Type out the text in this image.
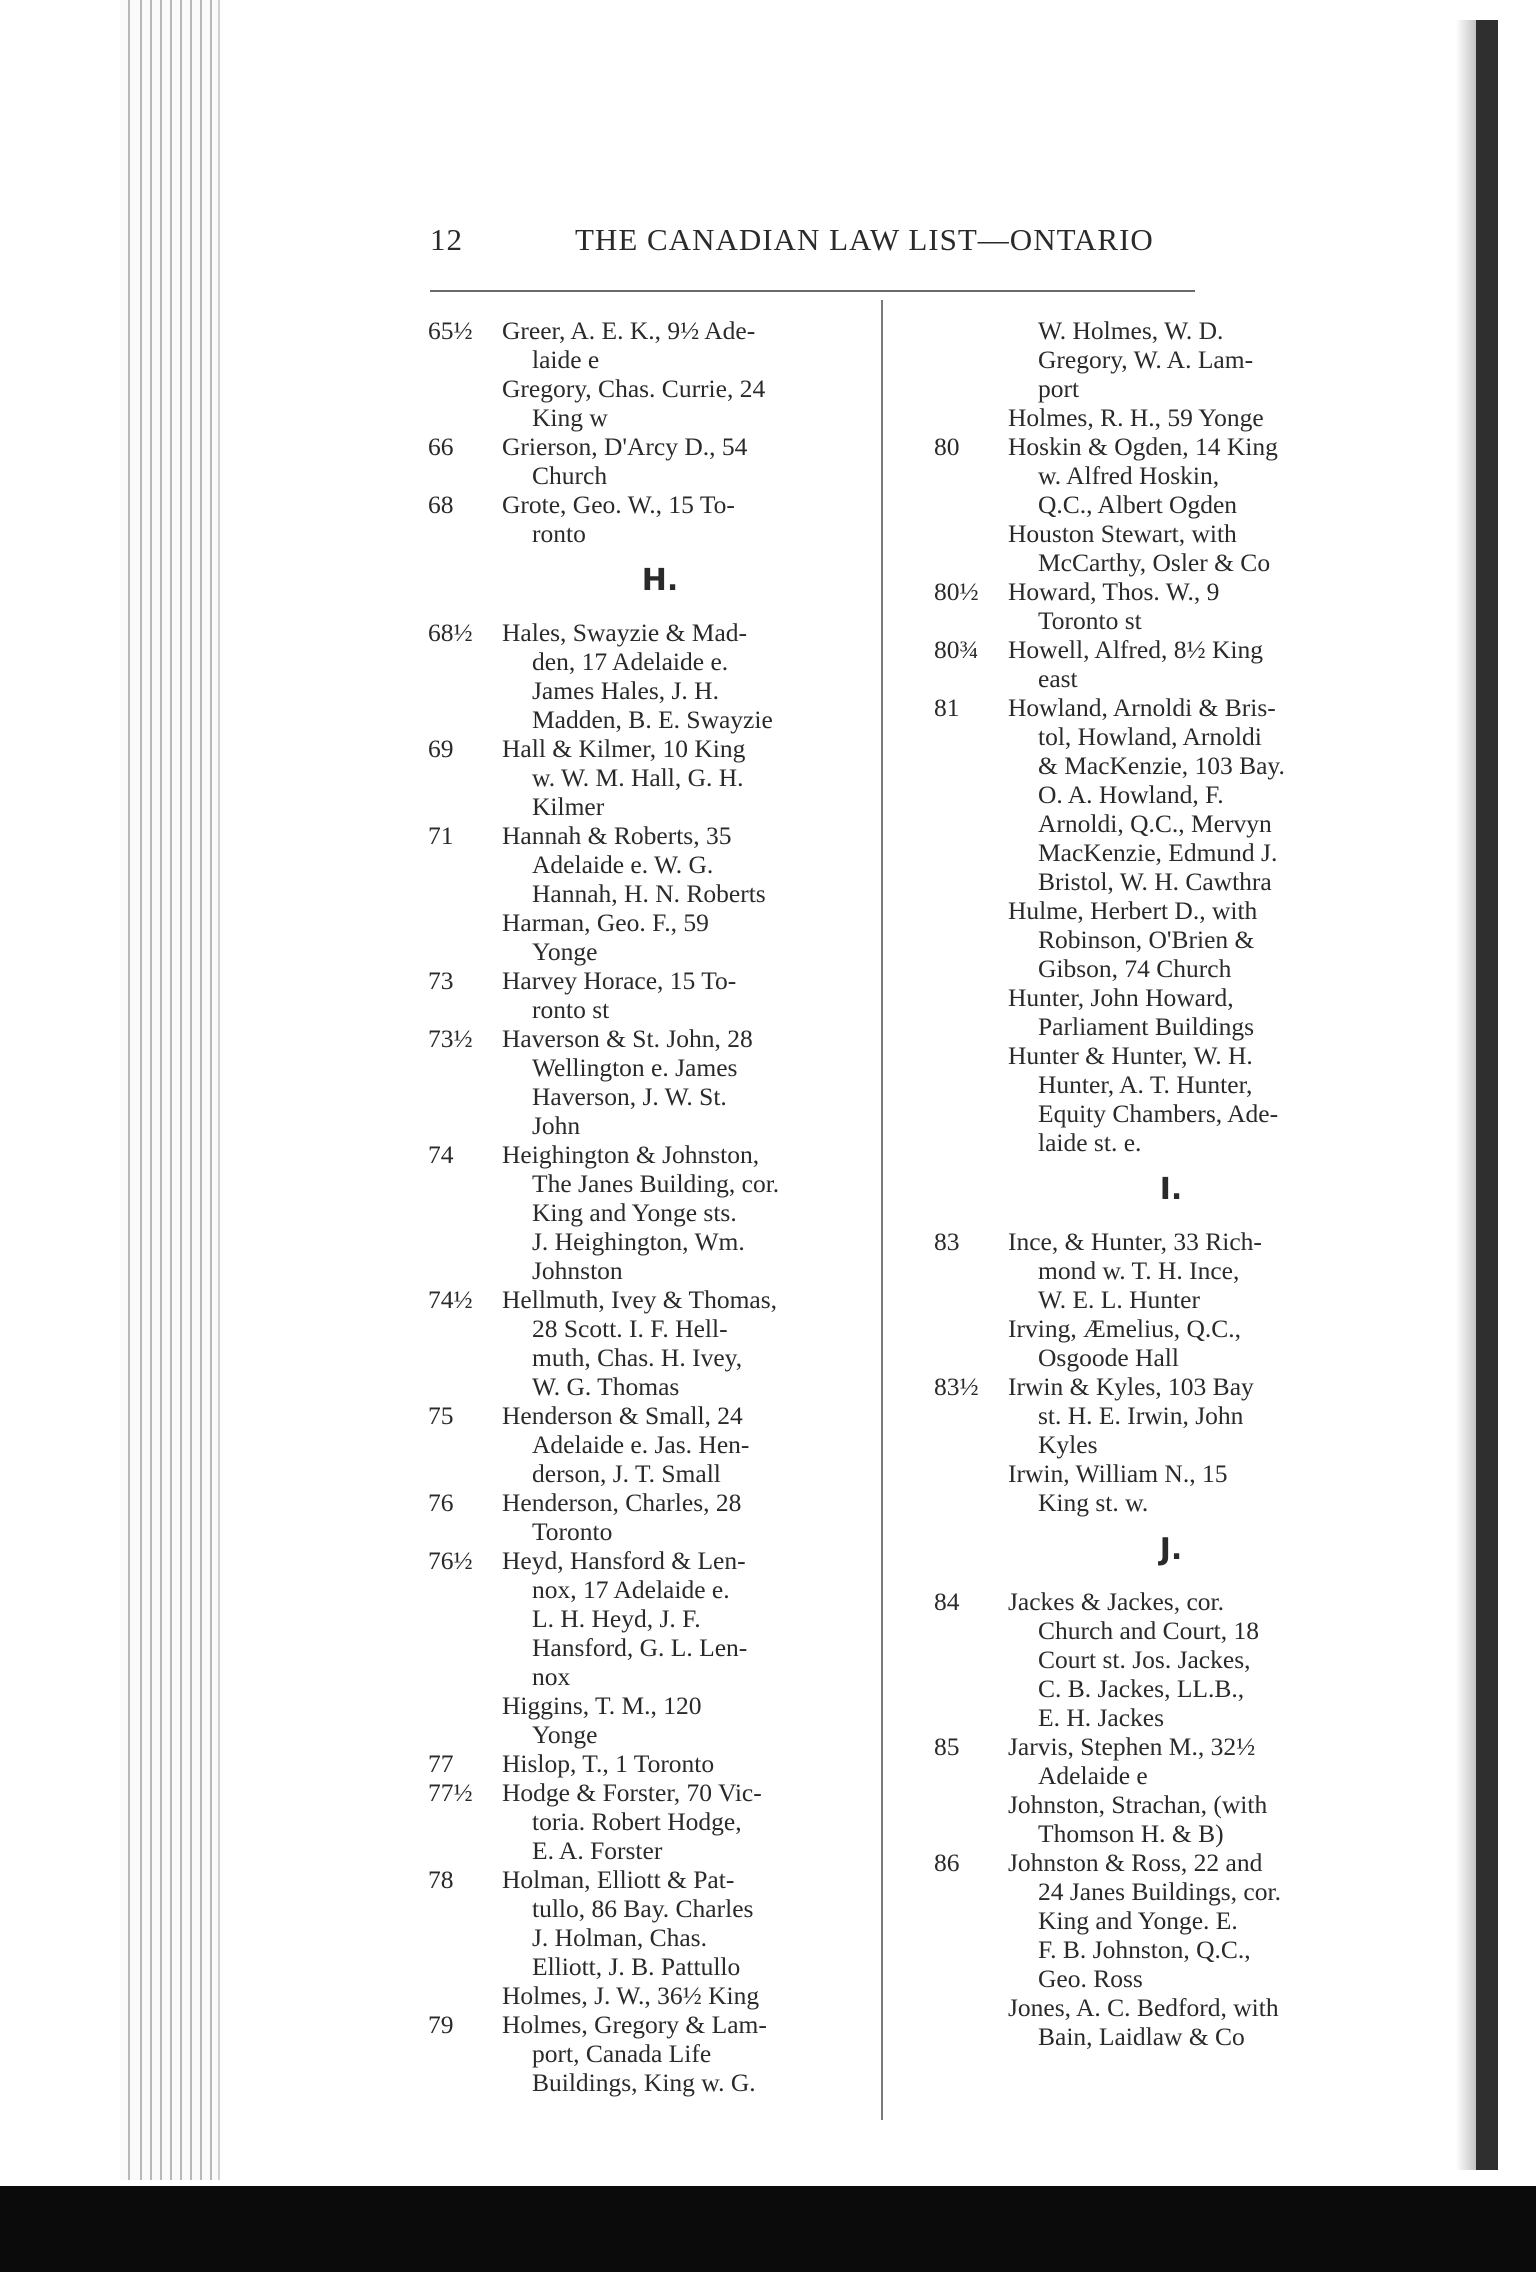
12	THE CANADIAN LAW LIST—ONTARIO
65½	Greer, A. E. K., 9½ Ade-
laide e
Gregory, Chas. Currie, 24
King w
66	Grierson, D'Arcy D., 54
Church
68	Grote, Geo. W., 15 To-
ronto
H.
68½	Hales, Swayzie & Mad-
den, 17 Adelaide e.
James Hales, J. H.
Madden, B. E. Swayzie
69	Hall & Kilmer, 10 King
w. W. M. Hall, G. H.
Kilmer
71	Hannah & Roberts, 35
Adelaide e. W. G.
Hannah, H. N. Roberts
Harman, Geo. F., 59
Yonge
73	Harvey Horace, 15 To-
ronto st
73½	Haverson & St. John, 28
Wellington e. James
Haverson, J. W. St.
John
74	Heighington & Johnston,
The Janes Building, cor.
King and Yonge sts.
J. Heighington, Wm.
Johnston
74½	Hellmuth, Ivey & Thomas,
28 Scott. I. F. Hell-
muth, Chas. H. Ivey,
W. G. Thomas
75	Henderson & Small, 24
Adelaide e. Jas. Hen-
derson, J. T. Small
76	Henderson, Charles, 28
Toronto
76½	Heyd, Hansford & Len-
nox, 17 Adelaide e.
L. H. Heyd, J. F.
Hansford, G. L. Len-
nox
Higgins, T. M., 120
Yonge
77	Hislop, T., 1 Toronto
77½	Hodge & Forster, 70 Vic-
toria. Robert Hodge,
E. A. Forster
78	Holman, Elliott & Pat-
tullo, 86 Bay. Charles
J. Holman, Chas.
Elliott, J. B. Pattullo
Holmes, J. W., 36½ King
79	Holmes, Gregory & Lam-
port, Canada Life
Buildings, King w. G.
W. Holmes, W. D.
Gregory, W. A. Lam-
port
Holmes, R. H., 59 Yonge
80	Hoskin & Ogden, 14 King
w. Alfred Hoskin,
Q.C., Albert Ogden
Houston Stewart, with
McCarthy, Osler & Co
80½	Howard, Thos. W., 9
Toronto st
80¾	Howell, Alfred, 8½ King
east
81	Howland, Arnoldi & Bris-
tol, Howland, Arnoldi
& MacKenzie, 103 Bay.
O. A. Howland, F.
Arnoldi, Q.C., Mervyn
MacKenzie, Edmund J.
Bristol, W. H. Cawthra
Hulme, Herbert D., with
Robinson, O'Brien &
Gibson, 74 Church
Hunter, John Howard,
Parliament Buildings
Hunter & Hunter, W. H.
Hunter, A. T. Hunter,
Equity Chambers, Ade-
laide st. e.
I.
83	Ince, & Hunter, 33 Rich-
mond w. T. H. Ince,
W. E. L. Hunter
Irving, Æmelius, Q.C.,
Osgoode Hall
83½	Irwin & Kyles, 103 Bay
st. H. E. Irwin, John
Kyles
Irwin, William N., 15
King st. w.
J.
84	Jackes & Jackes, cor.
Church and Court, 18
Court st. Jos. Jackes,
C. B. Jackes, LL.B.,
E. H. Jackes
85	Jarvis, Stephen M., 32½
Adelaide e
Johnston, Strachan, (with
Thomson H. & B)
86	Johnston & Ross, 22 and
24 Janes Buildings, cor.
King and Yonge. E.
F. B. Johnston, Q.C.,
Geo. Ross
Jones, A. C. Bedford, with
Bain, Laidlaw & Co
